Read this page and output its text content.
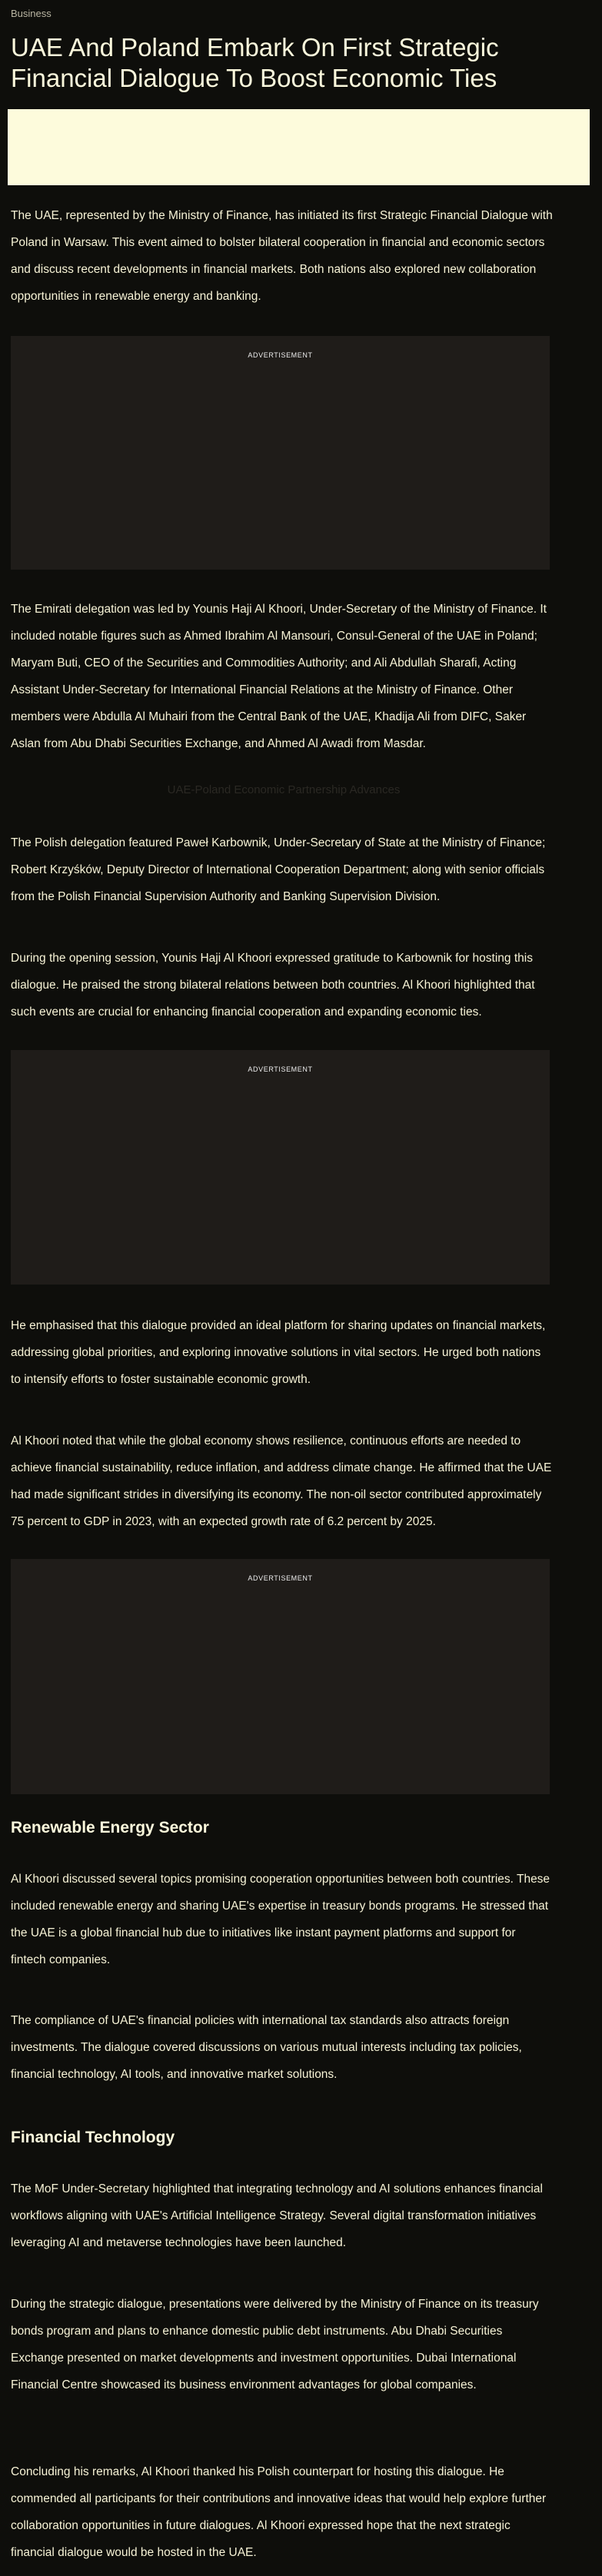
Business
UAE And Poland Embark On First Strategic Financial Dialogue To Boost Economic Ties

The UAE, represented by the Ministry of Finance, has initiated its first Strategic Financial Dialogue with Poland in Warsaw. This event aimed to bolster bilateral cooperation in financial and economic sectors and discuss recent developments in financial markets. Both nations also explored new collaboration opportunities in renewable energy and banking.

ADVERTISEMENT

The Emirati delegation was led by Younis Haji Al Khoori, Under-Secretary of the Ministry of Finance. It included notable figures such as Ahmed Ibrahim Al Mansouri, Consul-General of the UAE in Poland; Maryam Buti, CEO of the Securities and Commodities Authority; and Ali Abdullah Sharafi, Acting Assistant Under-Secretary for International Financial Relations at the Ministry of Finance. Other members were Abdulla Al Muhairi from the Central Bank of the UAE, Khadija Ali from DIFC, Saker Aslan from Abu Dhabi Securities Exchange, and Ahmed Al Awadi from Masdar.

UAE-Poland Economic Partnership Advances

The Polish delegation featured Paweł Karbownik, Under-Secretary of State at the Ministry of Finance; Robert Krzyśków, Deputy Director of International Cooperation Department; along with senior officials from the Polish Financial Supervision Authority and Banking Supervision Division.

During the opening session, Younis Haji Al Khoori expressed gratitude to Karbownik for hosting this dialogue. He praised the strong bilateral relations between both countries. Al Khoori highlighted that such events are crucial for enhancing financial cooperation and expanding economic ties.

ADVERTISEMENT

He emphasised that this dialogue provided an ideal platform for sharing updates on financial markets, addressing global priorities, and exploring innovative solutions in vital sectors. He urged both nations to intensify efforts to foster sustainable economic growth.

Al Khoori noted that while the global economy shows resilience, continuous efforts are needed to achieve financial sustainability, reduce inflation, and address climate change. He affirmed that the UAE had made significant strides in diversifying its economy. The non-oil sector contributed approximately 75 percent to GDP in 2023, with an expected growth rate of 6.2 percent by 2025.

ADVERTISEMENT
Renewable Energy Sector

Al Khoori discussed several topics promising cooperation opportunities between both countries. These included renewable energy and sharing UAE's expertise in treasury bonds programs. He stressed that the UAE is a global financial hub due to initiatives like instant payment platforms and support for fintech companies.

The compliance of UAE's financial policies with international tax standards also attracts foreign investments. The dialogue covered discussions on various mutual interests including tax policies, financial technology, AI tools, and innovative market solutions.

Financial Technology

The MoF Under-Secretary highlighted that integrating technology and AI solutions enhances financial workflows aligning with UAE's Artificial Intelligence Strategy. Several digital transformation initiatives leveraging AI and metaverse technologies have been launched.

During the strategic dialogue, presentations were delivered by the Ministry of Finance on its treasury bonds program and plans to enhance domestic public debt instruments. Abu Dhabi Securities Exchange presented on market developments and investment opportunities. Dubai International Financial Centre showcased its business environment advantages for global companies.

Concluding his remarks, Al Khoori thanked his Polish counterpart for hosting this dialogue. He commended all participants for their contributions and innovative ideas that would help explore further collaboration opportunities in future dialogues. Al Khoori expressed hope that the next strategic financial dialogue would be hosted in the UAE.
